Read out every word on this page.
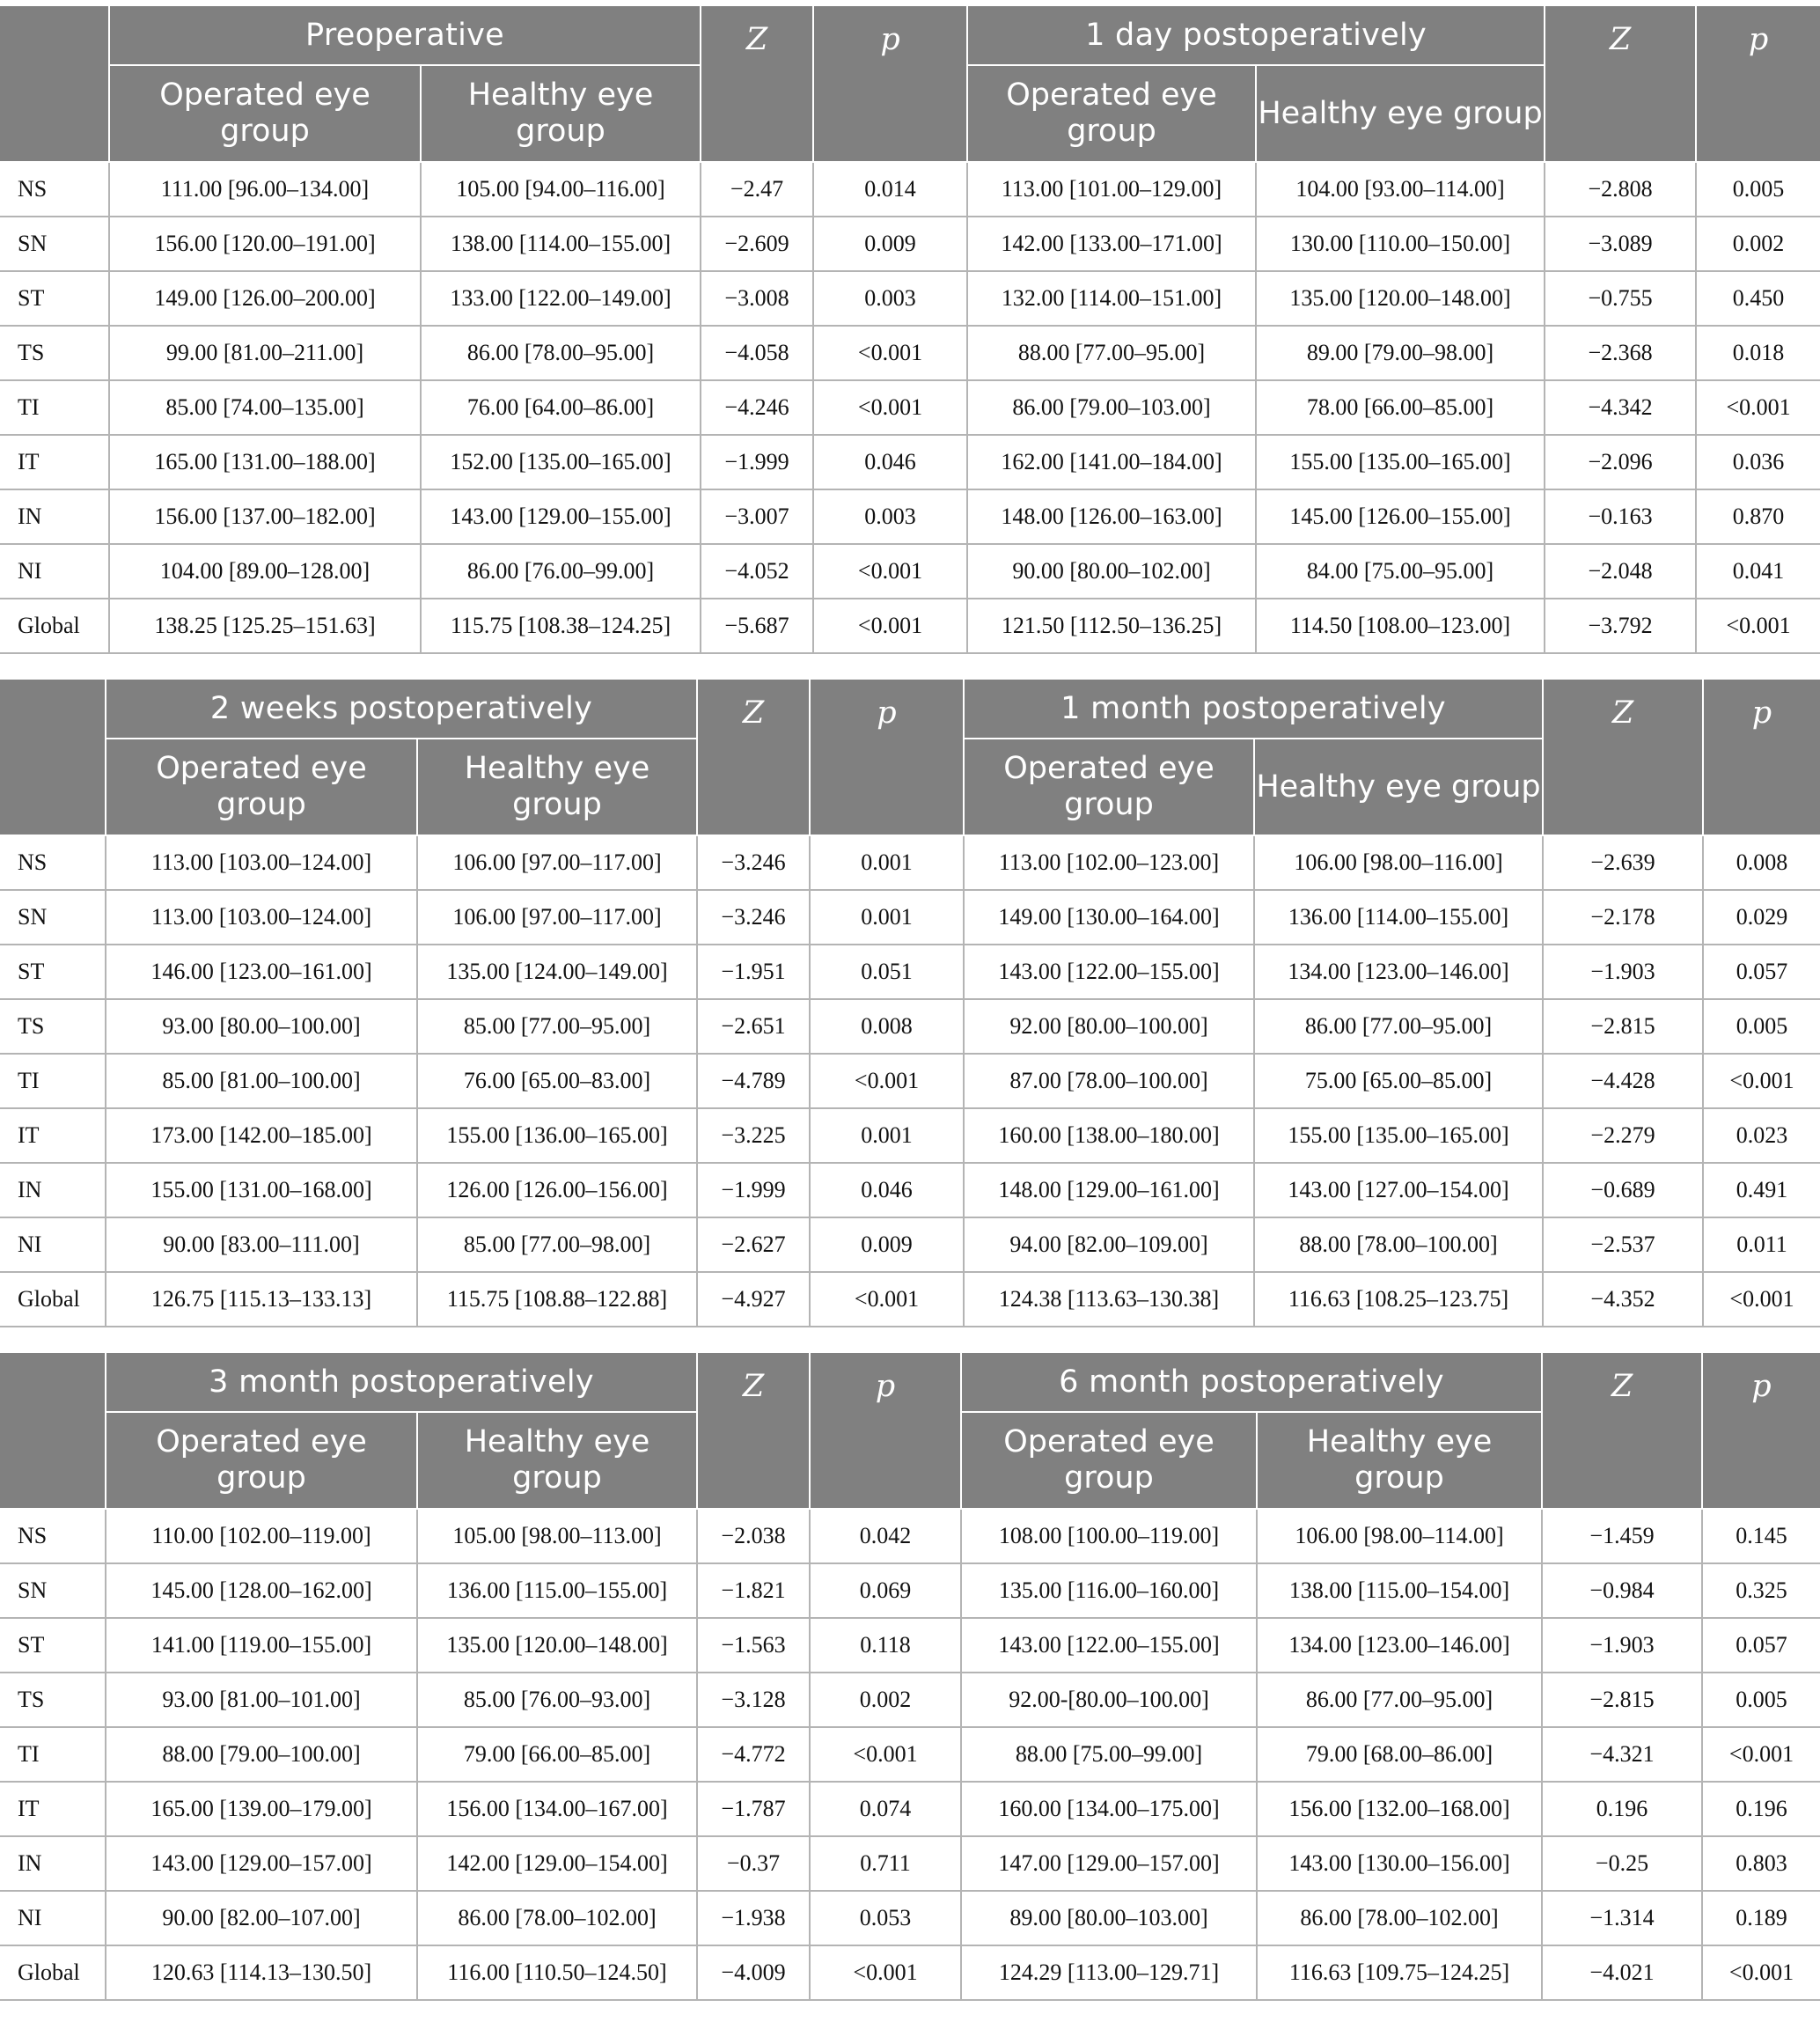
	Preoperative		Z	p	1 day postoperatively		Z	p
	Operated eye group	Healthy eye group			Operated eye group	Healthy eye group		
NS	111.00 [96.00–134.00]	105.00 [94.00–116.00]	−2.47	0.014	113.00 [101.00–129.00]	104.00 [93.00–114.00]	−2.808	0.005
SN	156.00 [120.00–191.00]	138.00 [114.00–155.00]	−2.609	0.009	142.00 [133.00–171.00]	130.00 [110.00–150.00]	−3.089	0.002
ST	149.00 [126.00–200.00]	133.00 [122.00–149.00]	−3.008	0.003	132.00 [114.00–151.00]	135.00 [120.00–148.00]	−0.755	0.450
TS	99.00 [81.00–211.00]	86.00 [78.00–95.00]	−4.058	<0.001	88.00 [77.00–95.00]	89.00 [79.00–98.00]	−2.368	0.018
TI	85.00 [74.00–135.00]	76.00 [64.00–86.00]	−4.246	<0.001	86.00 [79.00–103.00]	78.00 [66.00–85.00]	−4.342	<0.001
IT	165.00 [131.00–188.00]	152.00 [135.00–165.00]	−1.999	0.046	162.00 [141.00–184.00]	155.00 [135.00–165.00]	−2.096	0.036
IN	156.00 [137.00–182.00]	143.00 [129.00–155.00]	−3.007	0.003	148.00 [126.00–163.00]	145.00 [126.00–155.00]	−0.163	0.870
NI	104.00 [89.00–128.00]	86.00 [76.00–99.00]	−4.052	<0.001	90.00 [80.00–102.00]	84.00 [75.00–95.00]	−2.048	0.041
Global	138.25 [125.25–151.63]	115.75 [108.38–124.25]	−5.687	<0.001	121.50 [112.50–136.25]	114.50 [108.00–123.00]	−3.792	<0.001
	2 weeks postoperatively		Z	p	1 month postoperatively		Z	p
	Operated eye group	Healthy eye group			Operated eye group	Healthy eye group		
NS	113.00 [103.00–124.00]	106.00 [97.00–117.00]	−3.246	0.001	113.00 [102.00–123.00]	106.00 [98.00–116.00]	−2.639	0.008
SN	113.00 [103.00–124.00]	106.00 [97.00–117.00]	−3.246	0.001	149.00 [130.00–164.00]	136.00 [114.00–155.00]	−2.178	0.029
ST	146.00 [123.00–161.00]	135.00 [124.00–149.00]	−1.951	0.051	143.00 [122.00–155.00]	134.00 [123.00–146.00]	−1.903	0.057
TS	93.00 [80.00–100.00]	85.00 [77.00–95.00]	−2.651	0.008	92.00 [80.00–100.00]	86.00 [77.00–95.00]	−2.815	0.005
TI	85.00 [81.00–100.00]	76.00 [65.00–83.00]	−4.789	<0.001	87.00 [78.00–100.00]	75.00 [65.00–85.00]	−4.428	<0.001
IT	173.00 [142.00–185.00]	155.00 [136.00–165.00]	−3.225	0.001	160.00 [138.00–180.00]	155.00 [135.00–165.00]	−2.279	0.023
IN	155.00 [131.00–168.00]	126.00 [126.00–156.00]	−1.999	0.046	148.00 [129.00–161.00]	143.00 [127.00–154.00]	−0.689	0.491
NI	90.00 [83.00–111.00]	85.00 [77.00–98.00]	−2.627	0.009	94.00 [82.00–109.00]	88.00 [78.00–100.00]	−2.537	0.011
Global	126.75 [115.13–133.13]	115.75 [108.88–122.88]	−4.927	<0.001	124.38 [113.63–130.38]	116.63 [108.25–123.75]	−4.352	<0.001
	3 month postoperatively		Z	p	6 month postoperatively		Z	p
	Operated eye group	Healthy eye group			Operated eye group	Healthy eye group		
NS	110.00 [102.00–119.00]	105.00 [98.00–113.00]	−2.038	0.042	108.00 [100.00–119.00]	106.00 [98.00–114.00]	−1.459	0.145
SN	145.00 [128.00–162.00]	136.00 [115.00–155.00]	−1.821	0.069	135.00 [116.00–160.00]	138.00 [115.00–154.00]	−0.984	0.325
ST	141.00 [119.00–155.00]	135.00 [120.00–148.00]	−1.563	0.118	143.00 [122.00–155.00]	134.00 [123.00–146.00]	−1.903	0.057
TS	93.00 [81.00–101.00]	85.00 [76.00–93.00]	−3.128	0.002	92.00-[80.00–100.00]	86.00 [77.00–95.00]	−2.815	0.005
TI	88.00 [79.00–100.00]	79.00 [66.00–85.00]	−4.772	<0.001	88.00 [75.00–99.00]	79.00 [68.00–86.00]	−4.321	<0.001
IT	165.00 [139.00–179.00]	156.00 [134.00–167.00]	−1.787	0.074	160.00 [134.00–175.00]	156.00 [132.00–168.00]	0.196	0.196
IN	143.00 [129.00–157.00]	142.00 [129.00–154.00]	−0.37	0.711	147.00 [129.00–157.00]	143.00 [130.00–156.00]	−0.25	0.803
NI	90.00 [82.00–107.00]	86.00 [78.00–102.00]	−1.938	0.053	89.00 [80.00–103.00]	86.00 [78.00–102.00]	−1.314	0.189
Global	120.63 [114.13–130.50]	116.00 [110.50–124.50]	−4.009	<0.001	124.29 [113.00–129.71]	116.63 [109.75–124.25]	−4.021	<0.001
